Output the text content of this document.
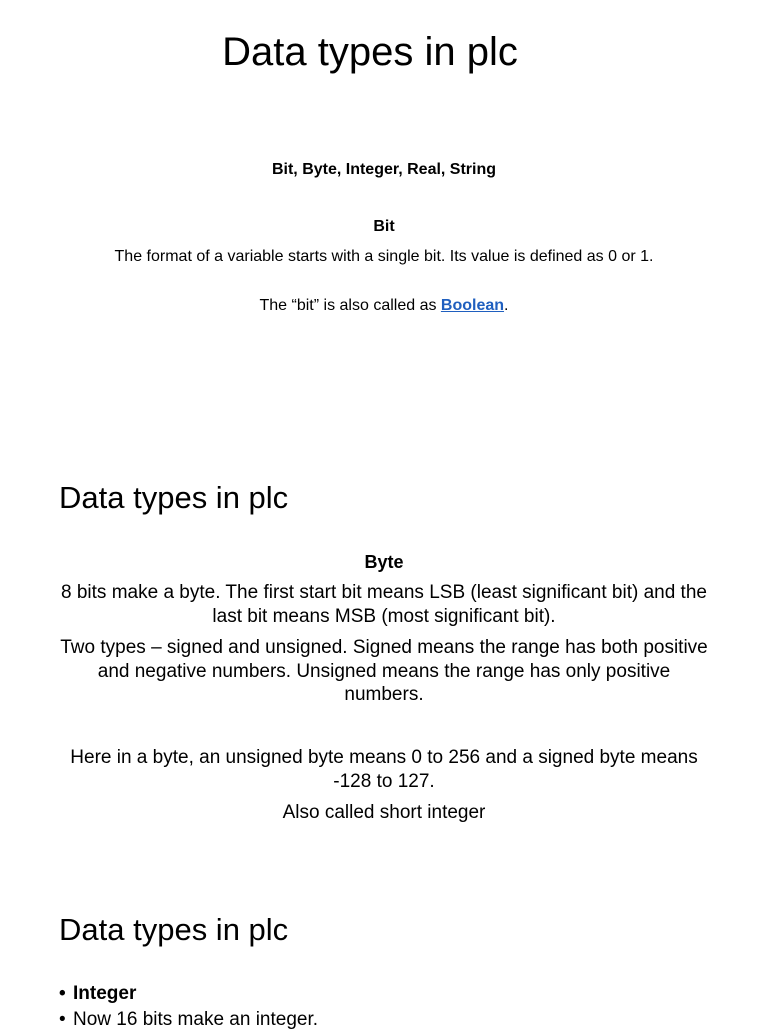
Data types in plc
Bit, Byte, Integer, Real, String
Bit
The format of a variable starts with a single bit. Its value is defined as 0 or 1.
The “bit” is also called as Boolean.
Data types in plc
Byte
8 bits make a byte. The first start bit means LSB (least significant bit) and the last bit means MSB (most significant bit).
Two types – signed and unsigned. Signed means the range has both positive and negative numbers. Unsigned means the range has only positive numbers.
Here in a byte, an unsigned byte means 0 to 256 and a signed byte means -128 to 127.
Also called short integer
Data types in plc
• Integer
• Now 16 bits make an integer.
